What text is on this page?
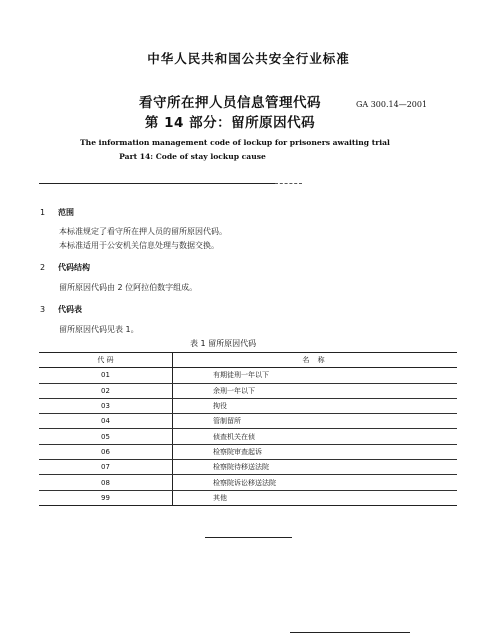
中华人民共和国公共安全行业标准
看守所在押人员信息管理代码
第 14 部分：留所原因代码
GA 300.14—2001
The information management code of lockup for prisoners awaiting trial
Part 14: Code of stay lockup cause
1 范围
本标准规定了看守所在押人员的留所原因代码。
本标准适用于公安机关信息处理与数据交换。
2 代码结构
留所原因代码由 2 位阿拉伯数字组成。
3 代码表
留所原因代码见表 1。
表 1 留所原因代码
代 码	名 称
01	有期徒刑一年以下
02	余刑一年以下
03	拘役
04	管制留所
05	侦查机关在侦
06	检察院审查起诉
07	检察院待移送法院
08	检察院诉讼移送法院
99	其他
